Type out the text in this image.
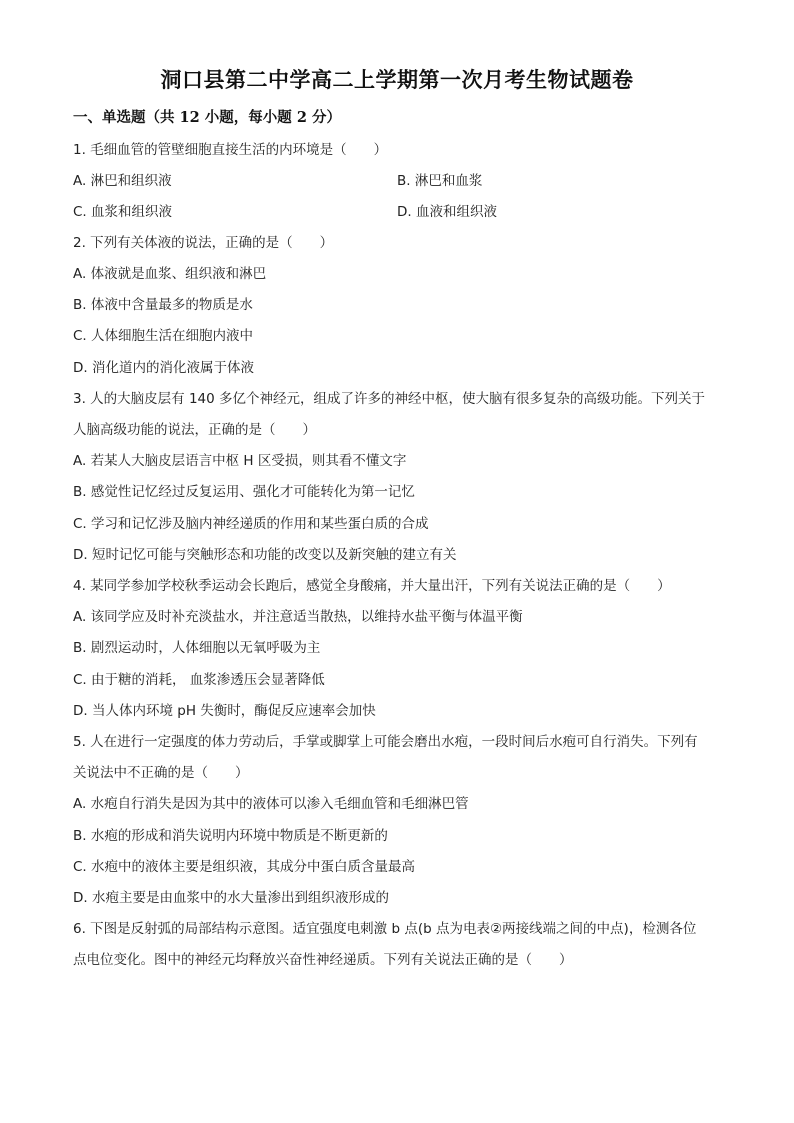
洞口县第二中学高二上学期第一次月考生物试题卷
一、单选题（共 12 小题，每小题 2 分）
1. 毛细血管的管壁细胞直接生活的内环境是（　　）
A. 淋巴和组织液	B. 淋巴和血浆
C. 血浆和组织液	D. 血液和组织液
2. 下列有关体液的说法，正确的是（　　）
A. 体液就是血浆、组织液和淋巴
B. 体液中含量最多的物质是水
C. 人体细胞生活在细胞内液中
D. 消化道内的消化液属于体液
3. 人的大脑皮层有 140 多亿个神经元，组成了许多的神经中枢，使大脑有很多复杂的高级功能。下列关于
人脑高级功能的说法，正确的是（　　）
A. 若某人大脑皮层语言中枢 H 区受损，则其看不懂文字
B. 感觉性记忆经过反复运用、强化才可能转化为第一记忆
C. 学习和记忆涉及脑内神经递质的作用和某些蛋白质的合成
D. 短时记忆可能与突触形态和功能的改变以及新突触的建立有关
4. 某同学参加学校秋季运动会长跑后，感觉全身酸痛，并大量出汗，下列有关说法正确的是（　　）
A. 该同学应及时补充淡盐水，并注意适当散热，以维持水盐平衡与体温平衡
B. 剧烈运动时，人体细胞以无氧呼吸为主
C. 由于糖的消耗， 血浆渗透压会显著降低
D. 当人体内环境 pH 失衡时，酶促反应速率会加快
5. 人在进行一定强度的体力劳动后，手掌或脚掌上可能会磨出水疱，一段时间后水疱可自行消失。下列有
关说法中不正确的是（　　）
A. 水疱自行消失是因为其中的液体可以渗入毛细血管和毛细淋巴管
B. 水疱的形成和消失说明内环境中物质是不断更新的
C. 水疱中的液体主要是组织液，其成分中蛋白质含量最高
D. 水疱主要是由血浆中的水大量渗出到组织液形成的
6. 下图是反射弧的局部结构示意图。适宜强度电刺激 b 点(b 点为电表②两接线端之间的中点)，检测各位
点电位变化。图中的神经元均释放兴奋性神经递质。下列有关说法正确的是（　　）
